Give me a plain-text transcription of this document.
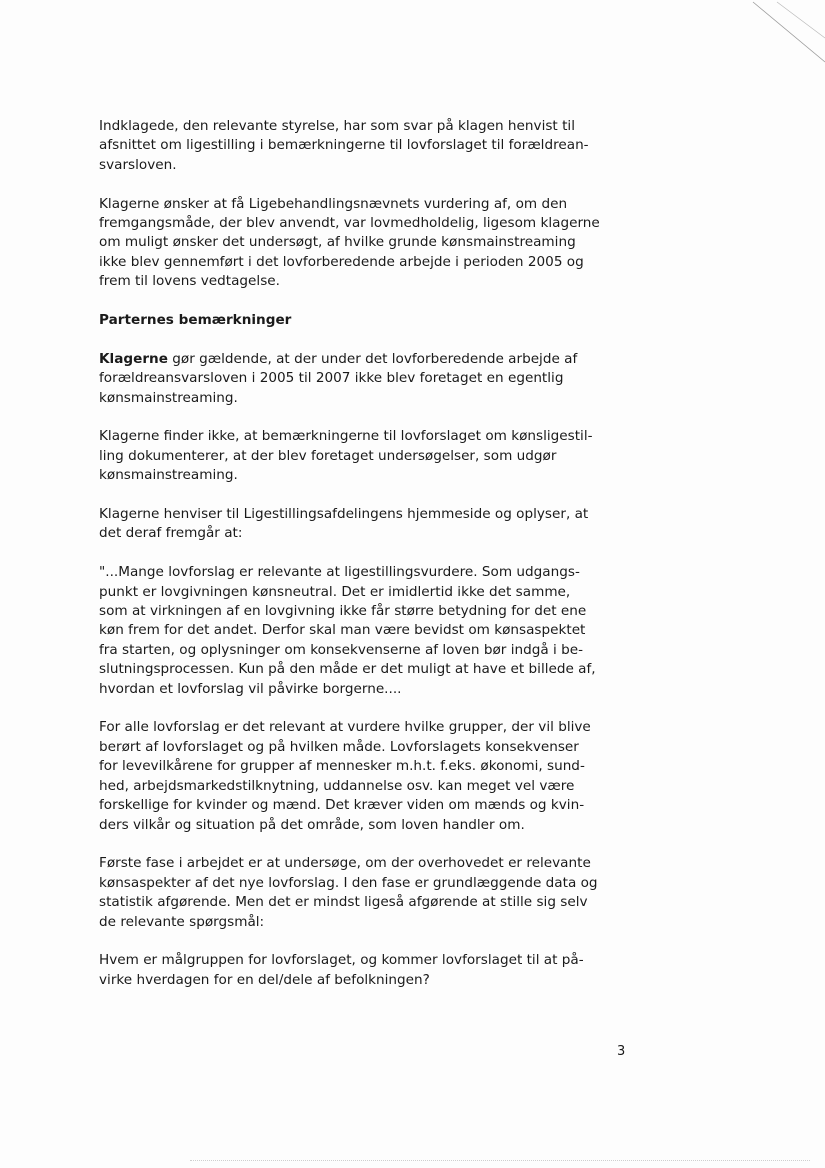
Indklagede, den relevante styrelse, har som svar på klagen henvist til
afsnittet om ligestilling i bemærkningerne til lovforslaget til forældrean-
svarsloven.

Klagerne ønsker at få Ligebehandlingsnævnets vurdering af, om den
fremgangsmåde, der blev anvendt, var lovmedholdelig, ligesom klagerne
om muligt ønsker det undersøgt, af hvilke grunde kønsmainstreaming
ikke blev gennemført i det lovforberedende arbejde i perioden 2005 og
frem til lovens vedtagelse.

Parternes bemærkninger

Klagerne gør gældende, at der under det lovforberedende arbejde af
forældreansvarsloven i 2005 til 2007 ikke blev foretaget en egentlig
kønsmainstreaming.

Klagerne finder ikke, at bemærkningerne til lovforslaget om kønsligestil-
ling dokumenterer, at der blev foretaget undersøgelser, som udgør
kønsmainstreaming.

Klagerne henviser til Ligestillingsafdelingens hjemmeside og oplyser, at
det deraf fremgår at:

"...Mange lovforslag er relevante at ligestillingsvurdere. Som udgangs-
punkt er lovgivningen kønsneutral. Det er imidlertid ikke det samme,
som at virkningen af en lovgivning ikke får større betydning for det ene
køn frem for det andet. Derfor skal man være bevidst om kønsaspektet
fra starten, og oplysninger om konsekvenserne af loven bør indgå i be-
slutningsprocessen. Kun på den måde er det muligt at have et billede af,
hvordan et lovforslag vil påvirke borgerne....

For alle lovforslag er det relevant at vurdere hvilke grupper, der vil blive
berørt af lovforslaget og på hvilken måde. Lovforslagets konsekvenser
for levevilkårene for grupper af mennesker m.h.t. f.eks. økonomi, sund-
hed, arbejdsmarkedstilknytning, uddannelse osv. kan meget vel være
forskellige for kvinder og mænd. Det kræver viden om mænds og kvin-
ders vilkår og situation på det område, som loven handler om.

Første fase i arbejdet er at undersøge, om der overhovedet er relevante
kønsaspekter af det nye lovforslag. I den fase er grundlæggende data og
statistik afgørende. Men det er mindst ligeså afgørende at stille sig selv
de relevante spørgsmål:

Hvem er målgruppen for lovforslaget, og kommer lovforslaget til at på-
virke hverdagen for en del/dele af befolkningen?

3
